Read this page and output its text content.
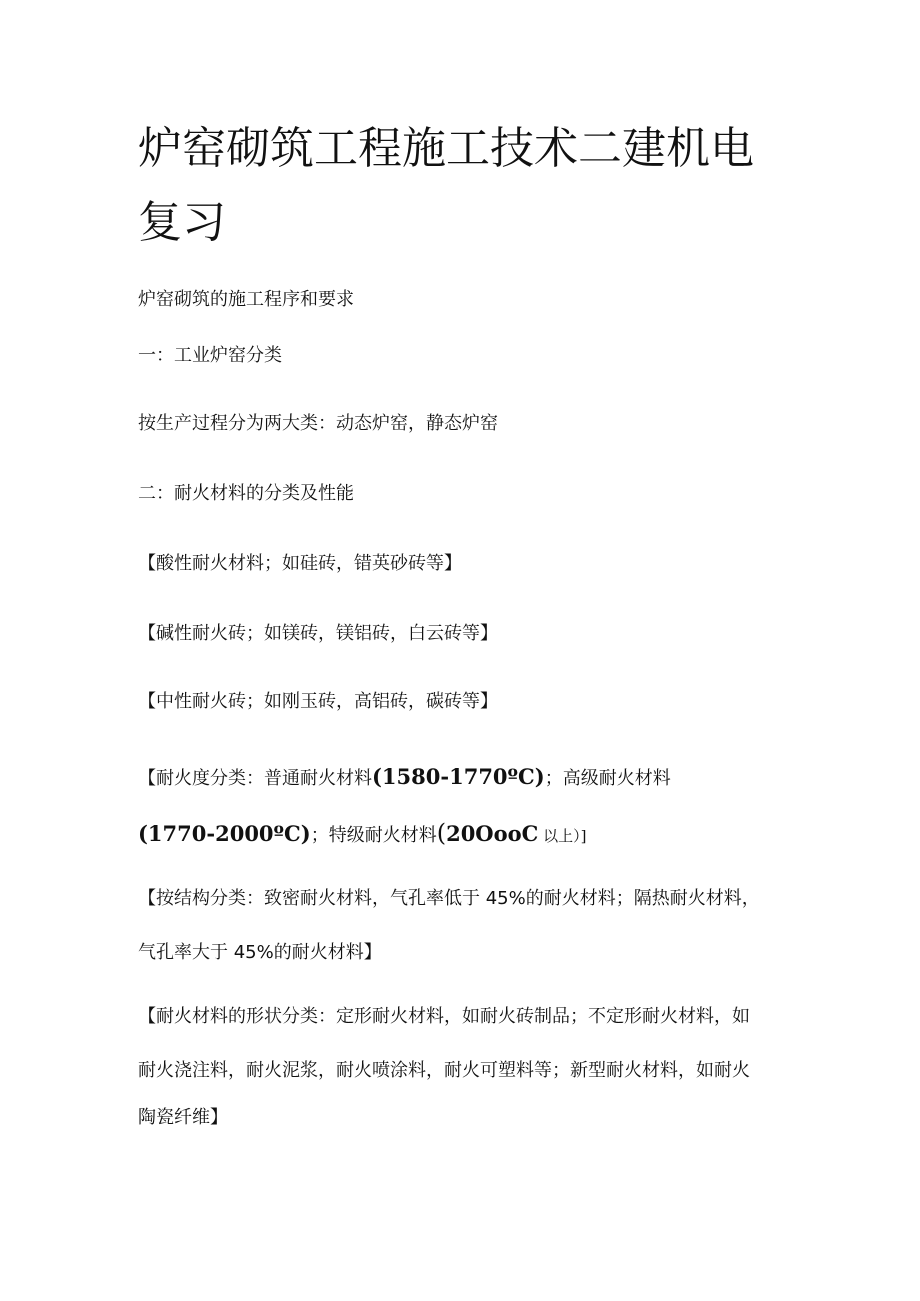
炉窑砌筑工程施工技术二建机电复习

炉窑砌筑的施工程序和要求

一：工业炉窑分类

按生产过程分为两大类：动态炉窑，静态炉窑

二：耐火材料的分类及性能

【酸性耐火材料；如硅砖，错英砂砖等】

【碱性耐火砖；如镁砖，镁铝砖，白云砖等】

【中性耐火砖；如刚玉砖，高铝砖，碳砖等】

【耐火度分类：普通耐火材料(1580-1770ºC)；高级耐火材料
(1770-2000ºC)；特级耐火材料(20OooC 以上）]
【按结构分类：致密耐火材料，气孔率低于 45%的耐火材料；隔热耐火材料，
气孔率大于 45%的耐火材料】
【耐火材料的形状分类：定形耐火材料，如耐火砖制品；不定形耐火材料，如
耐火浇注料，耐火泥浆，耐火喷涂料，耐火可塑料等；新型耐火材料，如耐火
陶瓷纤维】
